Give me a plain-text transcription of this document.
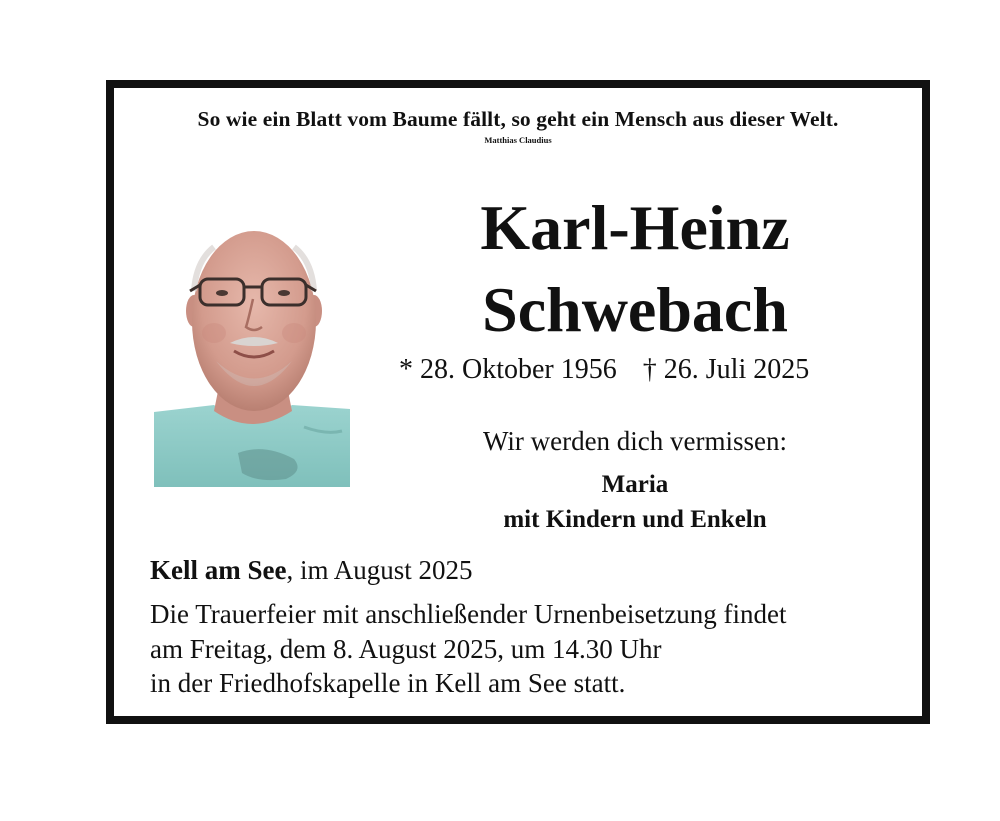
So wie ein Blatt vom Baume fällt, so geht ein Mensch aus dieser Welt.
Matthias Claudius
Karl-Heinz
Schwebach
* 28. Oktober 1956 † 26. Juli 2025
Wir werden dich vermissen:
Maria
mit Kindern und Enkeln
Kell am See, im August 2025
Die Trauerfeier mit anschließender Urnenbeisetzung findet
am Freitag, dem 8. August 2025, um 14.30 Uhr
in der Friedhofskapelle in Kell am See statt.
